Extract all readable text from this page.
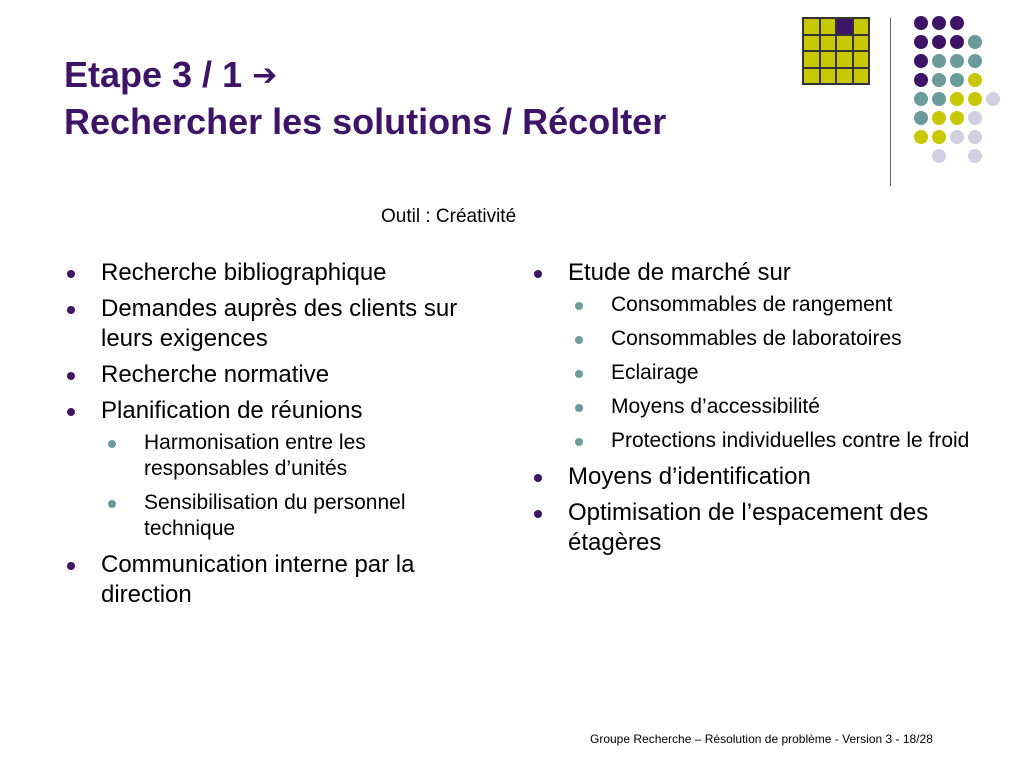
Etape 3 / 1 ➔
Rechercher les solutions / Récolter
Outil : Créativité
Recherche bibliographique
Demandes auprès des clients sur leurs exigences
Recherche normative
Planification de réunions
Harmonisation entre les responsables d’unités
Sensibilisation du personnel technique
Communication interne par la direction
Etude de marché sur
Consommables de rangement
Consommables de laboratoires
Eclairage
Moyens d’accessibilité
Protections individuelles contre le froid
Moyens d’identification
Optimisation de l’espacement des étagères
Groupe Recherche – Résolution de problème - Version 3 - 18/28
